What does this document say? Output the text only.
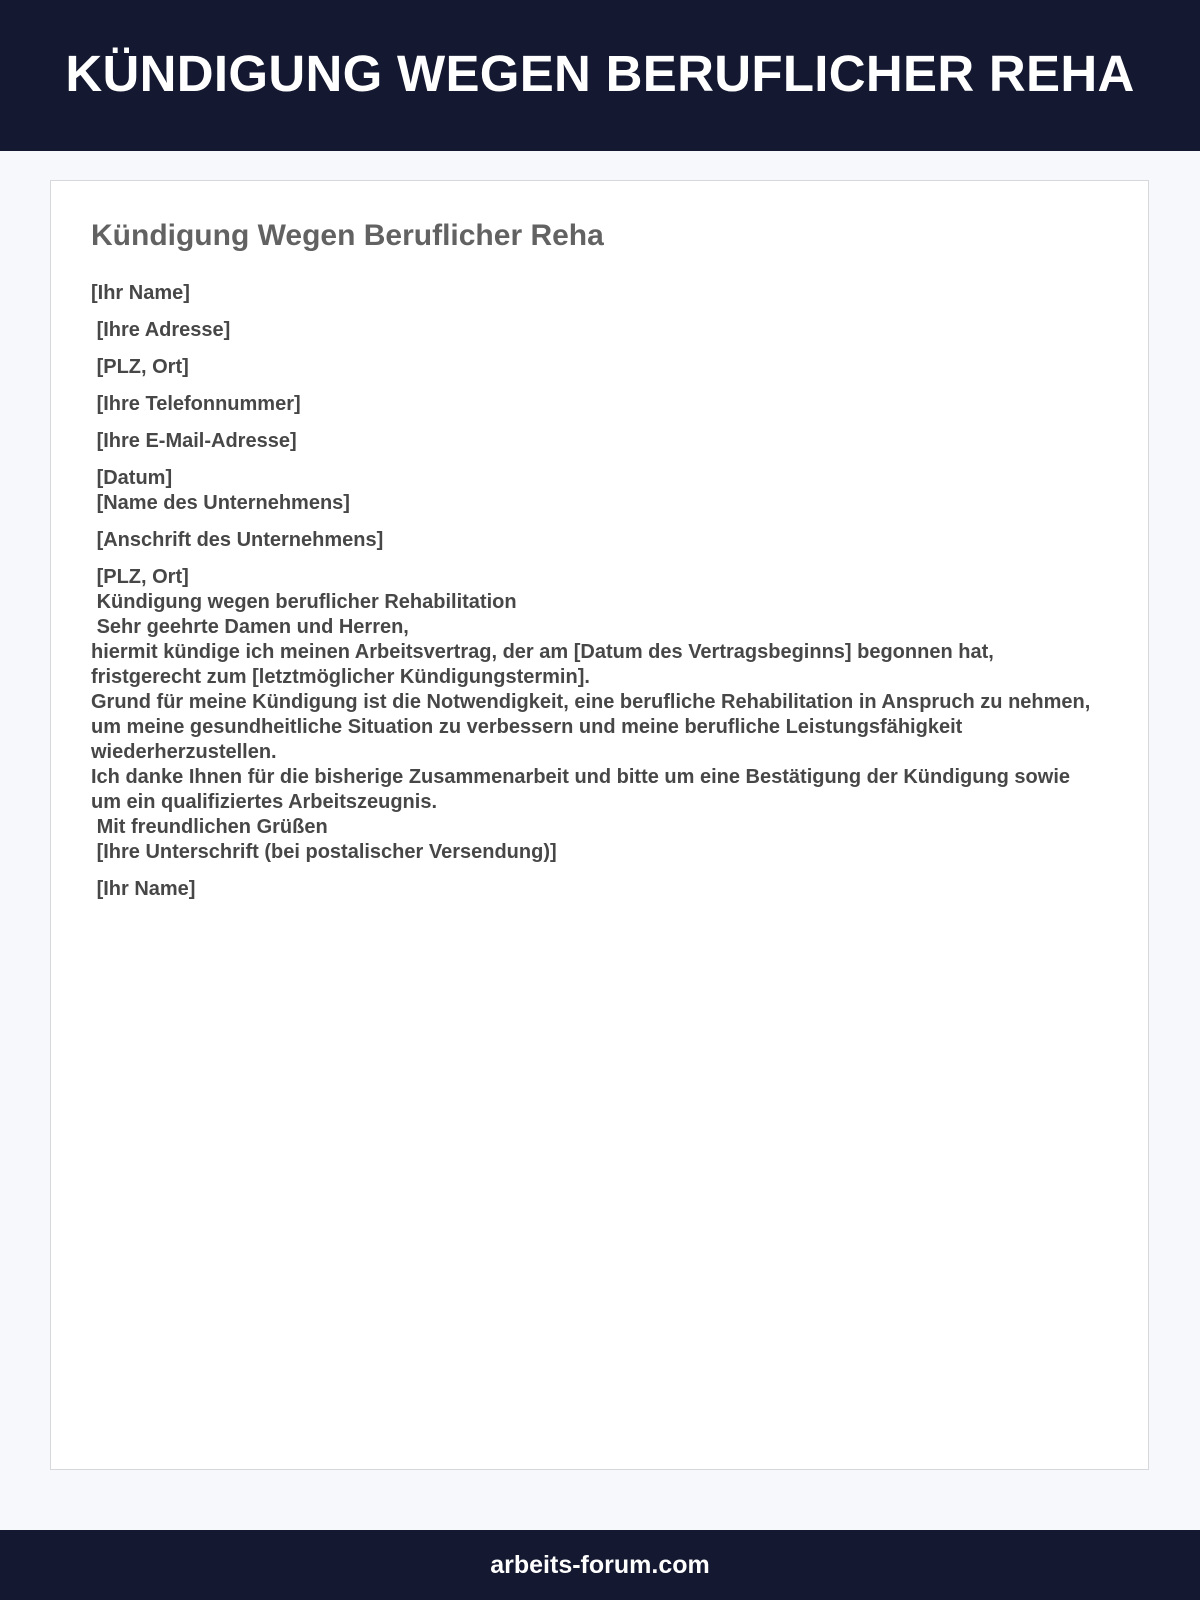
KÜNDIGUNG WEGEN BERUFLICHER REHA
Kündigung Wegen Beruflicher Reha
[Ihr Name]
[Ihre Adresse]
[PLZ, Ort]
[Ihre Telefonnummer]
[Ihre E-Mail-Adresse]
[Datum]
[Name des Unternehmens]
[Anschrift des Unternehmens]
[PLZ, Ort]
Kündigung wegen beruflicher Rehabilitation
Sehr geehrte Damen und Herren,
hiermit kündige ich meinen Arbeitsvertrag, der am [Datum des Vertragsbeginns] begonnen hat, fristgerecht zum [letztmöglicher Kündigungstermin].
Grund für meine Kündigung ist die Notwendigkeit, eine berufliche Rehabilitation in Anspruch zu nehmen, um meine gesundheitliche Situation zu verbessern und meine berufliche Leistungsfähigkeit wiederherzustellen.
Ich danke Ihnen für die bisherige Zusammenarbeit und bitte um eine Bestätigung der Kündigung sowie um ein qualifiziertes Arbeitszeugnis.
Mit freundlichen Grüßen
[Ihre Unterschrift (bei postalischer Versendung)]
[Ihr Name]
arbeits-forum.com
